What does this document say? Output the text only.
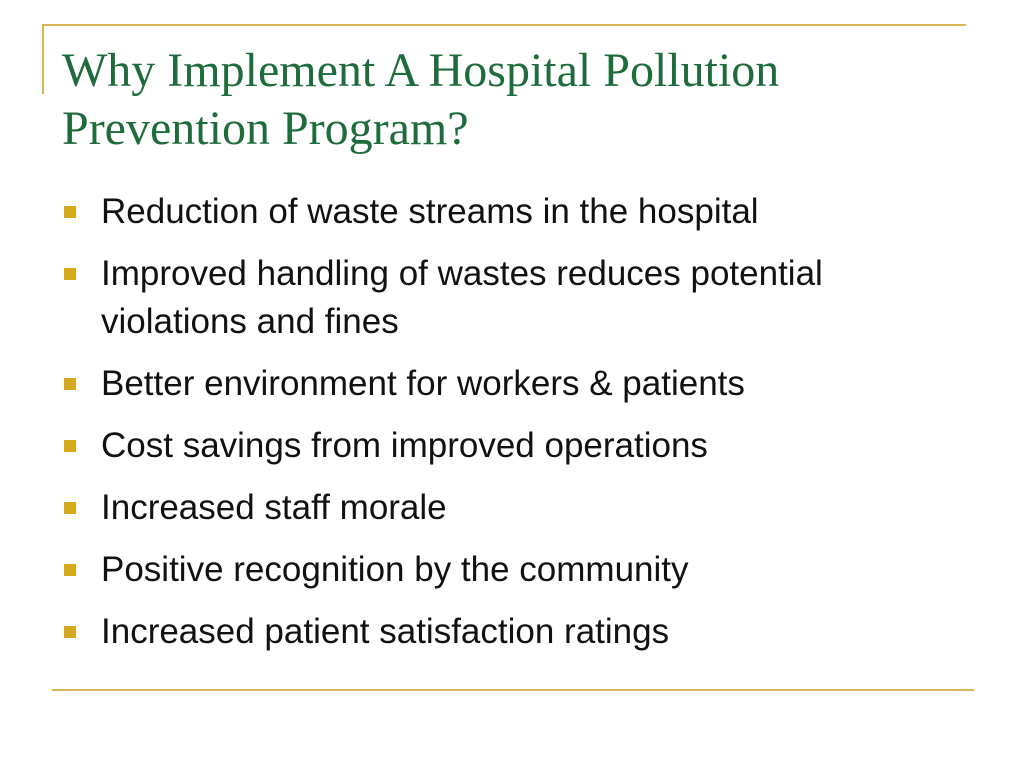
Why Implement A Hospital Pollution Prevention Program?
Reduction of waste streams in the hospital
Improved handling of wastes reduces potential violations and fines
Better environment for workers & patients
Cost savings from improved operations
Increased staff morale
Positive recognition by the community
Increased patient satisfaction ratings
